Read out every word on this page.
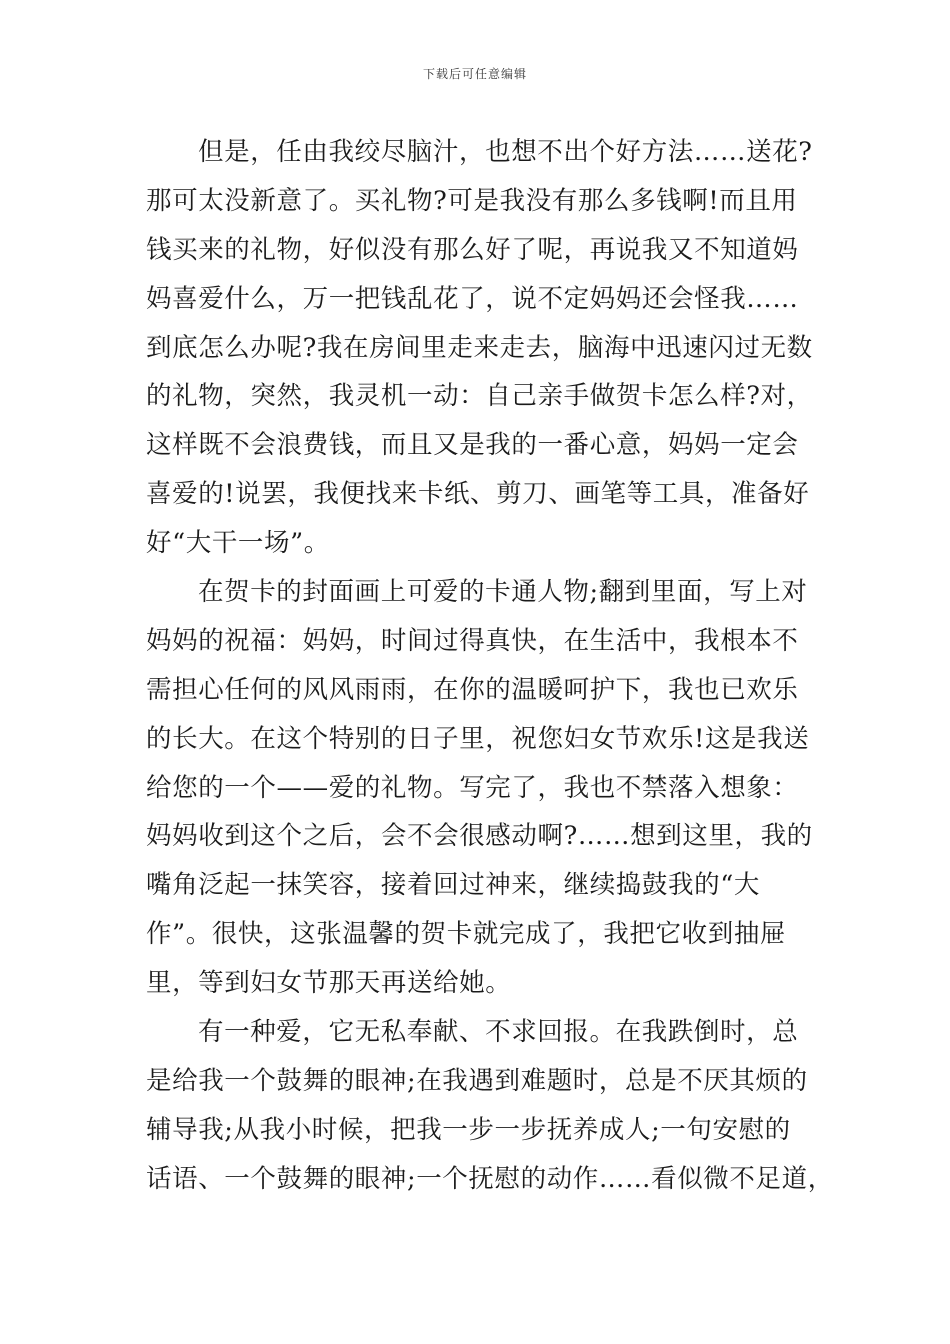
下载后可任意编辑
但是，任由我绞尽脑汁，也想不出个好方法……送花?
那可太没新意了。买礼物?可是我没有那么多钱啊!而且用
钱买来的礼物，好似没有那么好了呢，再说我又不知道妈
妈喜爱什么，万一把钱乱花了，说不定妈妈还会怪我……
到底怎么办呢?我在房间里走来走去，脑海中迅速闪过无数
的礼物，突然，我灵机一动：自己亲手做贺卡怎么样?对，
这样既不会浪费钱，而且又是我的一番心意，妈妈一定会
喜爱的!说罢，我便找来卡纸、剪刀、画笔等工具，准备好
好“大干一场”。
在贺卡的封面画上可爱的卡通人物;翻到里面，写上对
妈妈的祝福：妈妈，时间过得真快，在生活中，我根本不
需担心任何的风风雨雨，在你的温暖呵护下，我也已欢乐
的长大。在这个特别的日子里，祝您妇女节欢乐!这是我送
给您的一个——爱的礼物。写完了，我也不禁落入想象：
妈妈收到这个之后，会不会很感动啊?……想到这里，我的
嘴角泛起一抹笑容，接着回过神来，继续捣鼓我的“大
作”。很快，这张温馨的贺卡就完成了，我把它收到抽屉
里，等到妇女节那天再送给她。
有一种爱，它无私奉献、不求回报。在我跌倒时，总
是给我一个鼓舞的眼神;在我遇到难题时，总是不厌其烦的
辅导我;从我小时候，把我一步一步抚养成人;一句安慰的
话语、一个鼓舞的眼神;一个抚慰的动作……看似微不足道，
